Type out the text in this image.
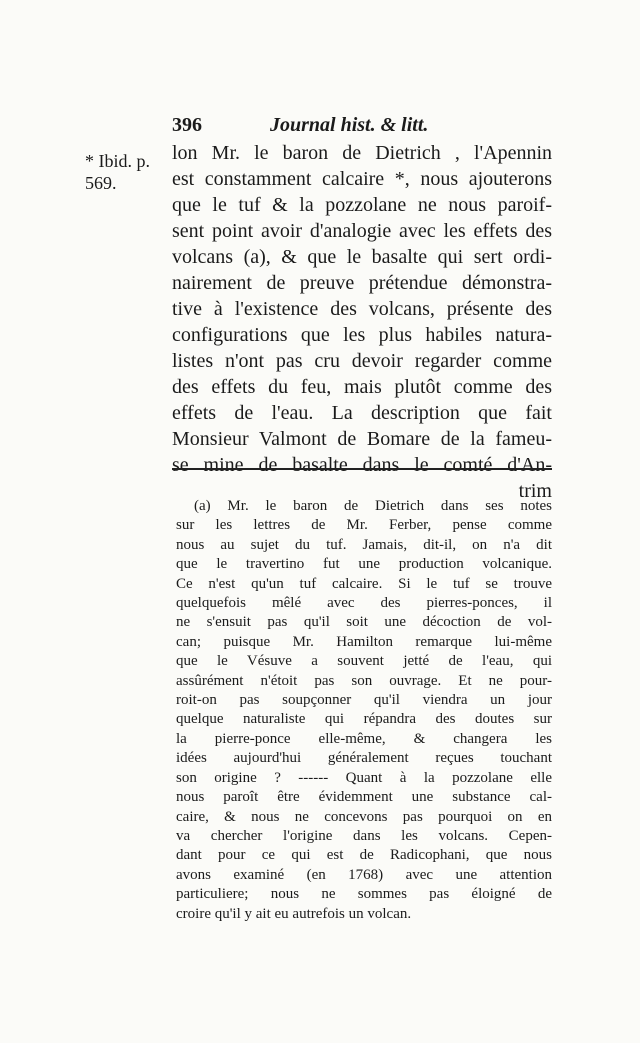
396	Journal hist. & litt.
* Ibid. p.
569.
lon Mr. le baron de Dietrich , l'Apennin
est constamment calcaire *, nous ajouterons
que le tuf & la pozzolane ne nous paroif-
sent point avoir d'analogie avec les effets des
volcans (a), & que le basalte qui sert ordi-
nairement de preuve prétendue démonstra-
tive à l'existence des volcans, présente des
configurations que les plus habiles natura-
listes n'ont pas cru devoir regarder comme
des effets du feu, mais plutôt comme des
effets de l'eau. La description que fait
Monsieur Valmont de Bomare de la fameu-
se mine de basalte dans le comté d'An-
trim
(a) Mr. le baron de Dietrich dans ses notes
sur les lettres de Mr. Ferber, pense comme
nous au sujet du tuf. Jamais, dit-il, on n'a dit
que le travertino fut une production volcanique.
Ce n'est qu'un tuf calcaire. Si le tuf se trouve
quelquefois mêlé avec des pierres-ponces, il
ne s'ensuit pas qu'il soit une décoction de vol-
can; puisque Mr. Hamilton remarque lui-même
que le Vésuve a souvent jetté de l'eau, qui
assûrément n'étoit pas son ouvrage. Et ne pour-
roit-on pas soupçonner qu'il viendra un jour
quelque naturaliste qui répandra des doutes sur
la pierre-ponce elle-même, & changera les
idées aujourd'hui généralement reçues touchant
son origine ? ------ Quant à la pozzolane elle
nous paroît être évidemment une substance cal-
caire, & nous ne concevons pas pourquoi on en
va chercher l'origine dans les volcans. Cepen-
dant pour ce qui est de Radicophani, que nous
avons examiné (en 1768) avec une attention
particuliere; nous ne sommes pas éloigné de
croire qu'il y ait eu autrefois un volcan.
